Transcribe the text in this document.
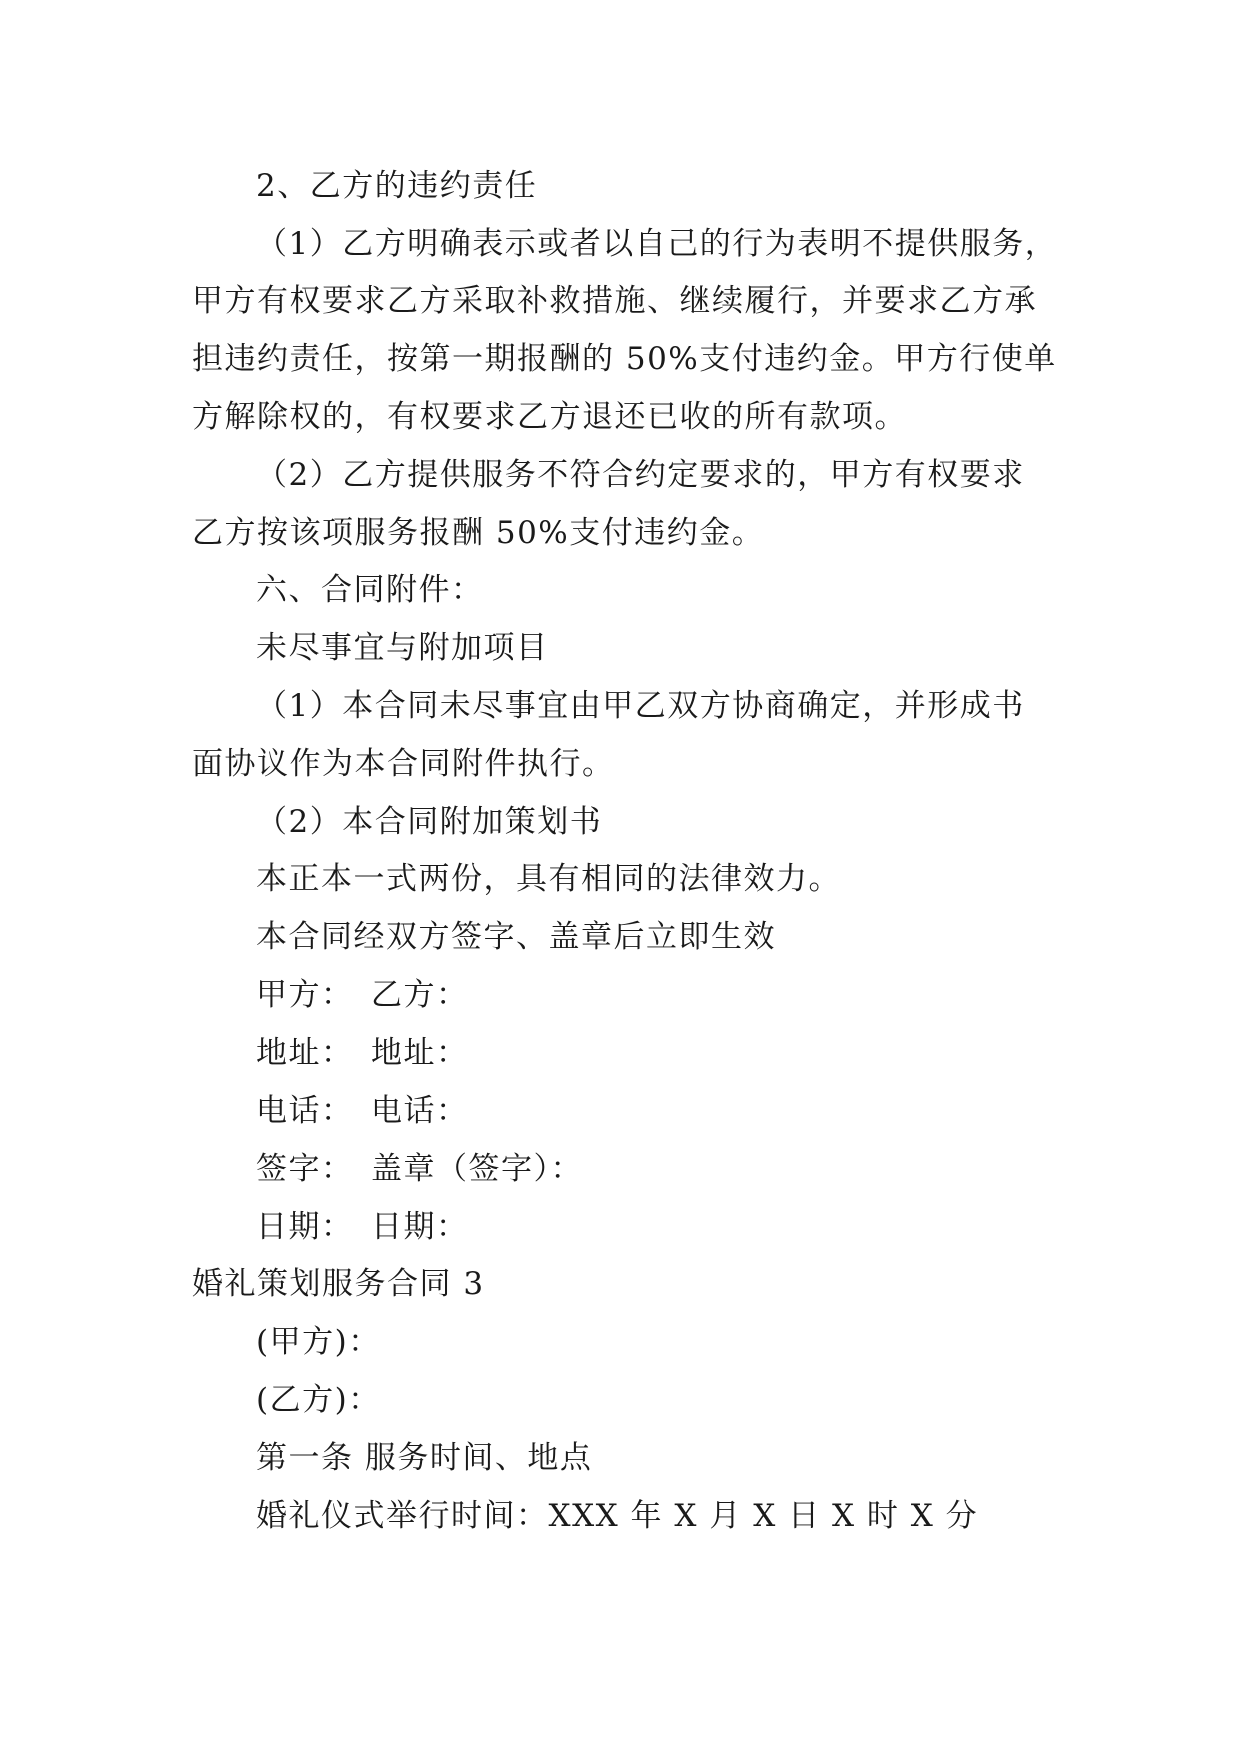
2、乙方的违约责任
（1）乙方明确表示或者以自己的行为表明不提供服务，
甲方有权要求乙方采取补救措施、继续履行，并要求乙方承
担违约责任，按第一期报酬的 50%支付违约金。甲方行使单
方解除权的，有权要求乙方退还已收的所有款项。
（2）乙方提供服务不符合约定要求的，甲方有权要求
乙方按该项服务报酬 50%支付违约金。
六、合同附件：
未尽事宜与附加项目
（1）本合同未尽事宜由甲乙双方协商确定，并形成书
面协议作为本合同附件执行。
（2）本合同附加策划书
本正本一式两份，具有相同的法律效力。
本合同经双方签字、盖章后立即生效
甲方： 乙方：
地址： 地址：
电话： 电话：
签字： 盖章（签字）：
日期： 日期：
婚礼策划服务合同 3
(甲方)：
(乙方)：
第一条 服务时间、地点
婚礼仪式举行时间：XXX 年 X 月 X 日 X 时 X 分
